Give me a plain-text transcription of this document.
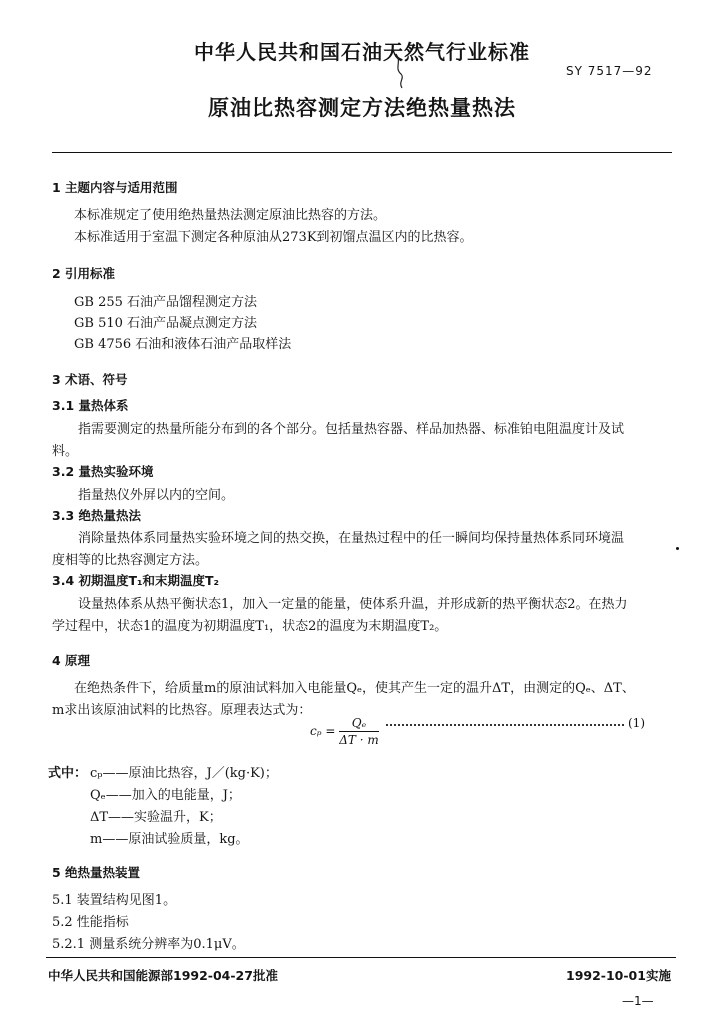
中华人民共和国石油天然气行业标准
SY 7517—92
原油比热容测定方法绝热量热法
1 主题内容与适用范围
本标准规定了使用绝热量热法测定原油比热容的方法。
本标准适用于室温下测定各种原油从273K到初馏点温区内的比热容。
2 引用标准
GB 255 石油产品馏程测定方法
GB 510 石油产品凝点测定方法
GB 4756 石油和液体石油产品取样法
3 术语、符号
3.1 量热体系
指需要测定的热量所能分布到的各个部分。包括量热容器、样品加热器、标准铂电阻温度计及试
料。
3.2 量热实验环境
指量热仪外屏以内的空间。
3.3 绝热量热法
消除量热体系同量热实验环境之间的热交换，在量热过程中的任一瞬间均保持量热体系同环境温
度相等的比热容测定方法。
3.4 初期温度T₁和末期温度T₂
设量热体系从热平衡状态1，加入一定量的能量，使体系升温，并形成新的热平衡状态2。在热力
学过程中，状态1的温度为初期温度T₁，状态2的温度为末期温度T₂。
4 原理
在绝热条件下，给质量m的原油试料加入电能量Qₑ，使其产生一定的温升ΔT，由测定的Qₑ、ΔT、
m求出该原油试料的比热容。原理表达式为：
$c_p = \frac{\text{Qₑ}}{\Delta T \cdot m}$	(1)
式中： cₚ——原油比热容，J／(kg·K)；
Qₑ——加入的电能量，J；
ΔT——实验温升，K；
m——原油试验质量，kg。
5 绝热量热装置
5.1 装置结构见图1。
5.2 性能指标
5.2.1 测量系统分辨率为0.1μV。
中华人民共和国能源部1992-04-27批准	1992-10-01实施
—1—
